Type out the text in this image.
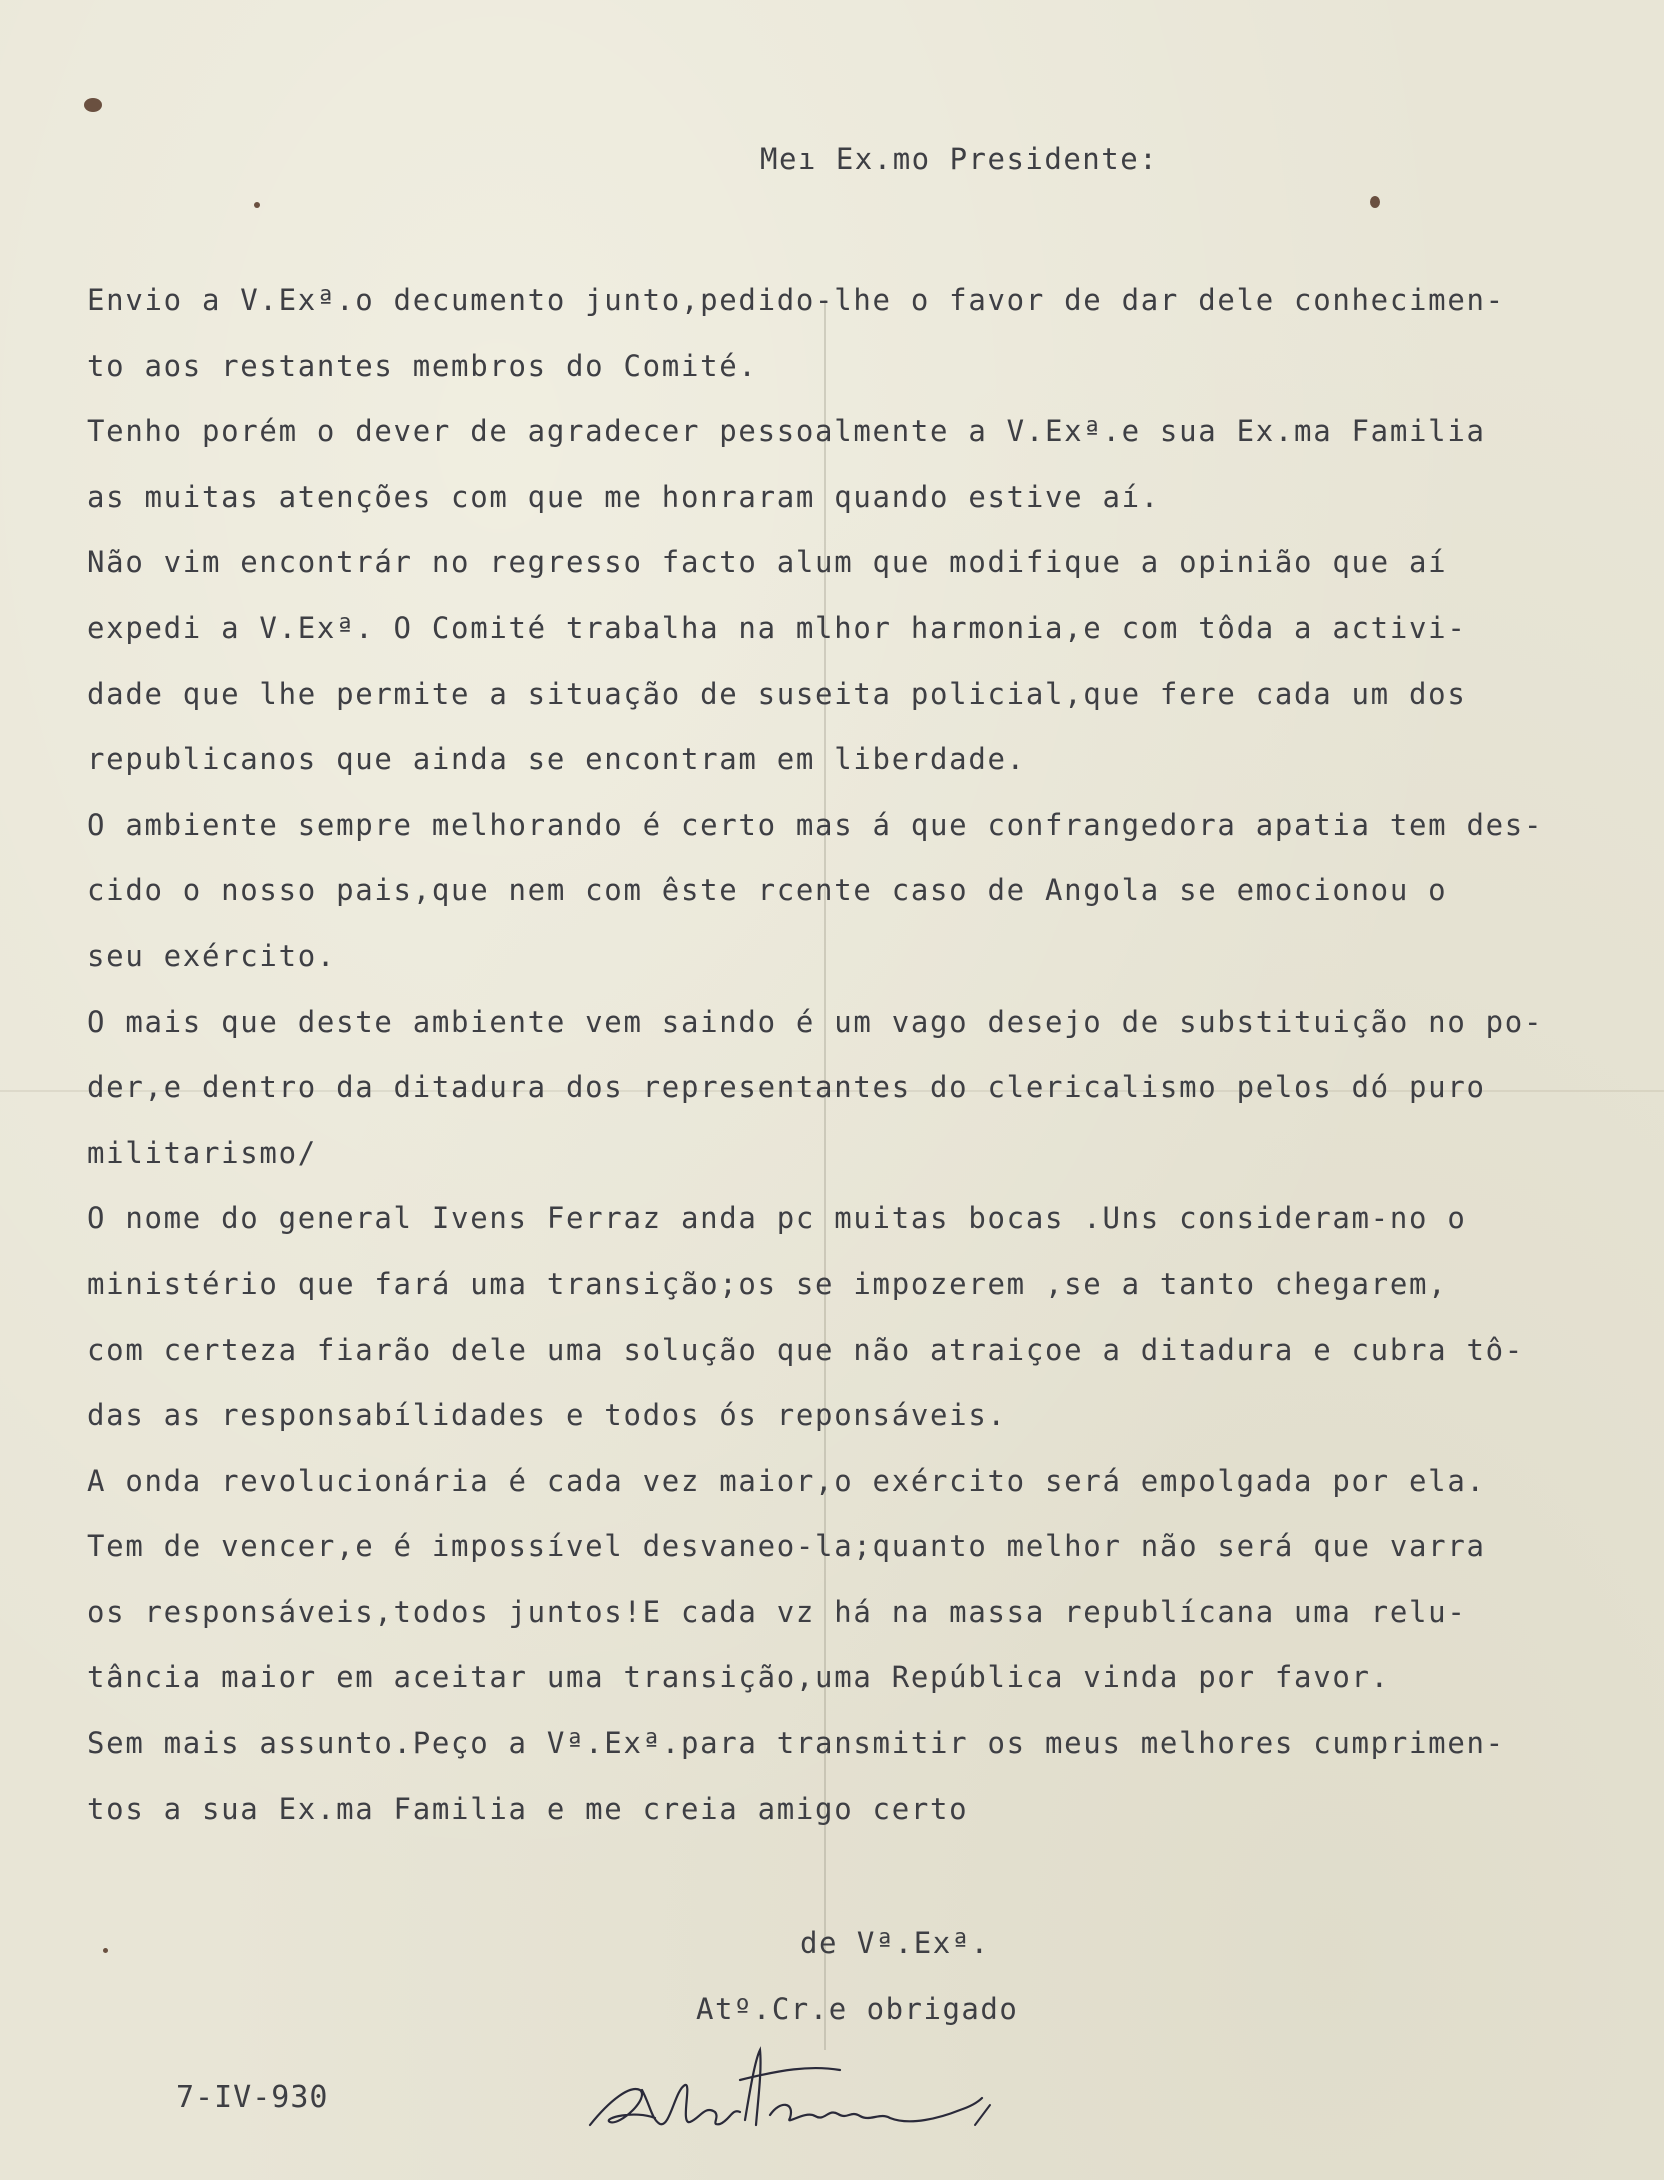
Meı Ex.mo Presidente:
Envio a V.Exª.o decumento junto,pedido-lhe o favor de dar dele conhecimen-
to aos restantes membros do Comité.
Tenho porém o dever de agradecer pessoalmente a V.Exª.e sua Ex.ma Familia
as muitas atenções com que me honraram quando estive aí.
Não vim encontrár no regresso facto alum que modifique a opinião que aí
expedi a V.Exª. O Comité trabalha na mlhor harmonia,e com tôda a activi-
dade que lhe permite a situação de suseita policial,que fere cada um dos
republicanos que ainda se encontram em liberdade.
O ambiente sempre melhorando é certo mas á que confrangedora apatia tem des-
cido o nosso pais,que nem com êste rcente caso de Angola se emocionou o
seu exército.
O mais que deste ambiente vem saindo é um vago desejo de substituição no po-
der,e dentro da ditadura dos representantes do clericalismo pelos dó puro
militarismo/
O nome do general Ivens Ferraz anda pc muitas bocas .Uns consideram-no o
ministério que fará uma transição;os se impozerem ,se a tanto chegarem,
com certeza fiarão dele uma solução que não atraiçoe a ditadura e cubra tô-
das as responsabílidades e todos ós reponsáveis.
A onda revolucionária é cada vez maior,o exército será empolgada por ela.
Tem de vencer,e é impossível desvaneo-la;quanto melhor não será que varra
os responsáveis,todos juntos!E cada vz há na massa republícana uma relu-
tância maior em aceitar uma transição,uma República vinda por favor.
Sem mais assunto.Peço a Vª.Exª.para transmitir os meus melhores cumprimen-
tos a sua Ex.ma Familia e me creia amigo certo
de Vª.Exª.
Atº.Cr.e obrigado
7-IV-930
